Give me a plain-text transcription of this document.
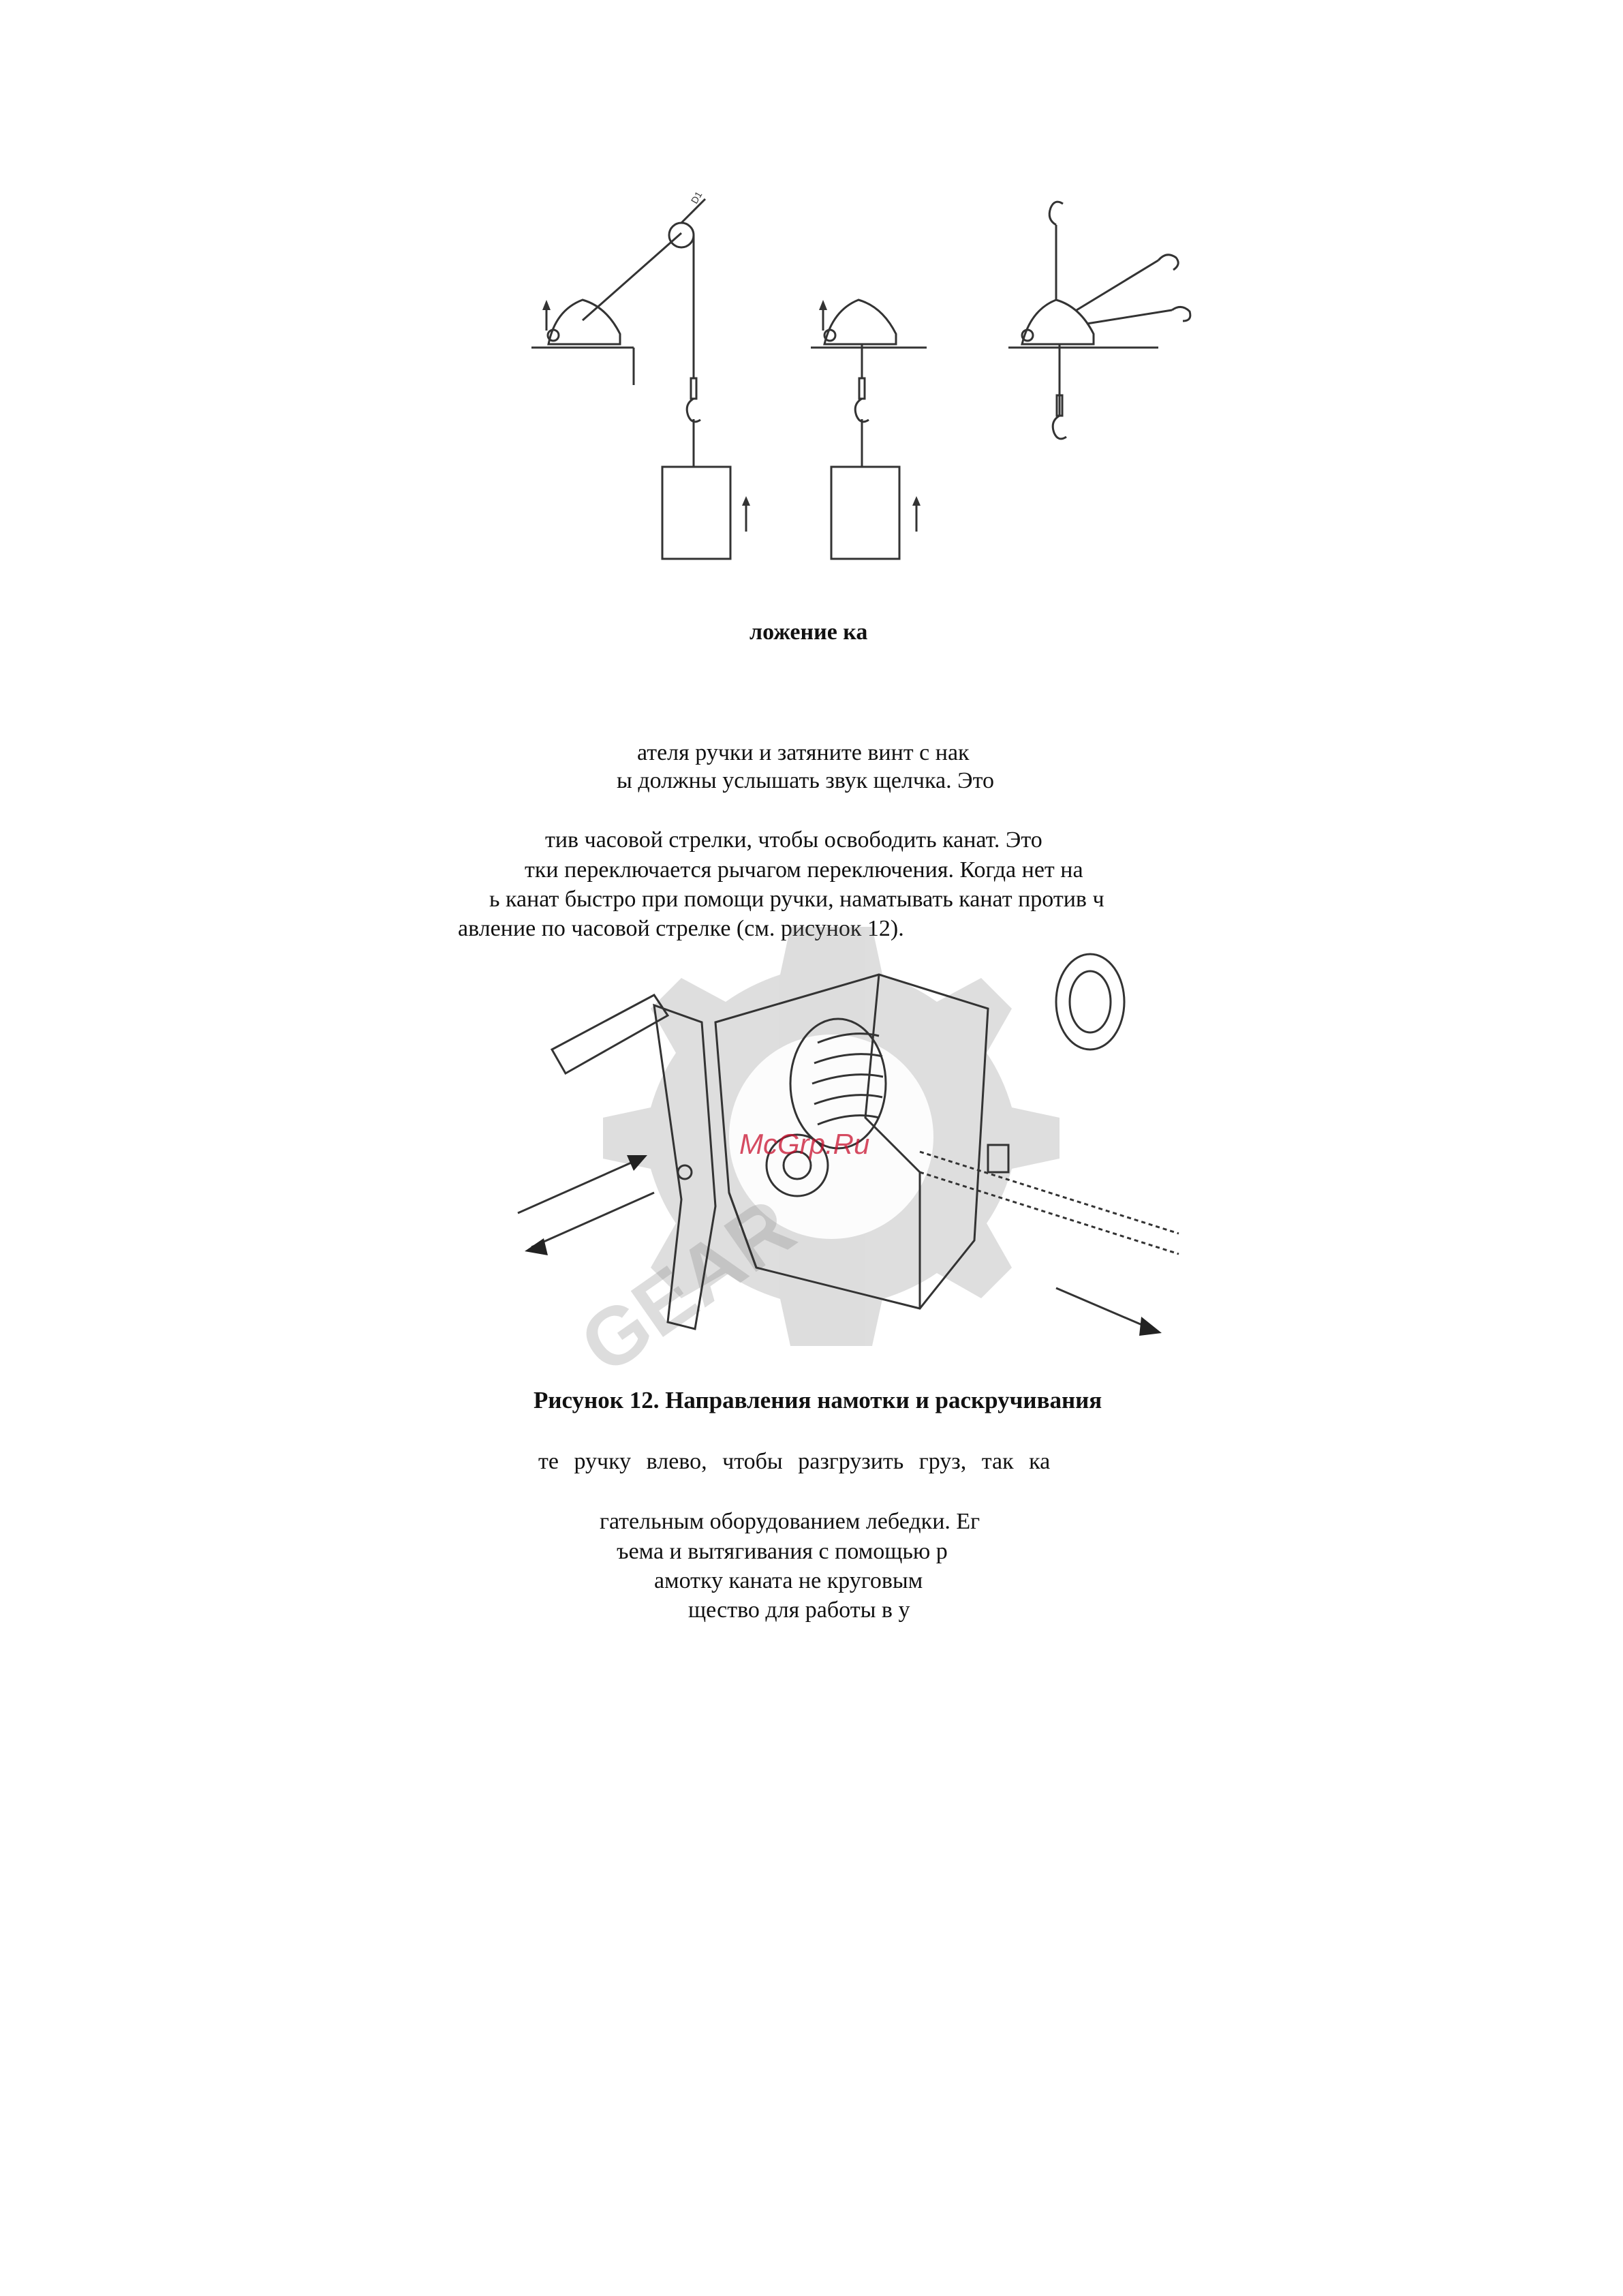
D1
ложение ка
ателя ручки и затяните винт с нак
ы должны услышать звук щелчка. Это
тив часовой стрелки, чтобы освободить канат. Это
тки переключается рычагом переключения. Когда нет на
ь канат быстро при помощи ручки, наматывать канат против ч
авление по часовой стрелке (см. рисунок 12).
GEAR
McGrp.Ru
Рисунок 12. Направления намотки и раскручивания
те ручку влево, чтобы разгрузить груз, так ка
гательным оборудованием лебедки. Ег
ъема и вытягивания с помощью р
амотку каната не круговым
щество для работы в у
